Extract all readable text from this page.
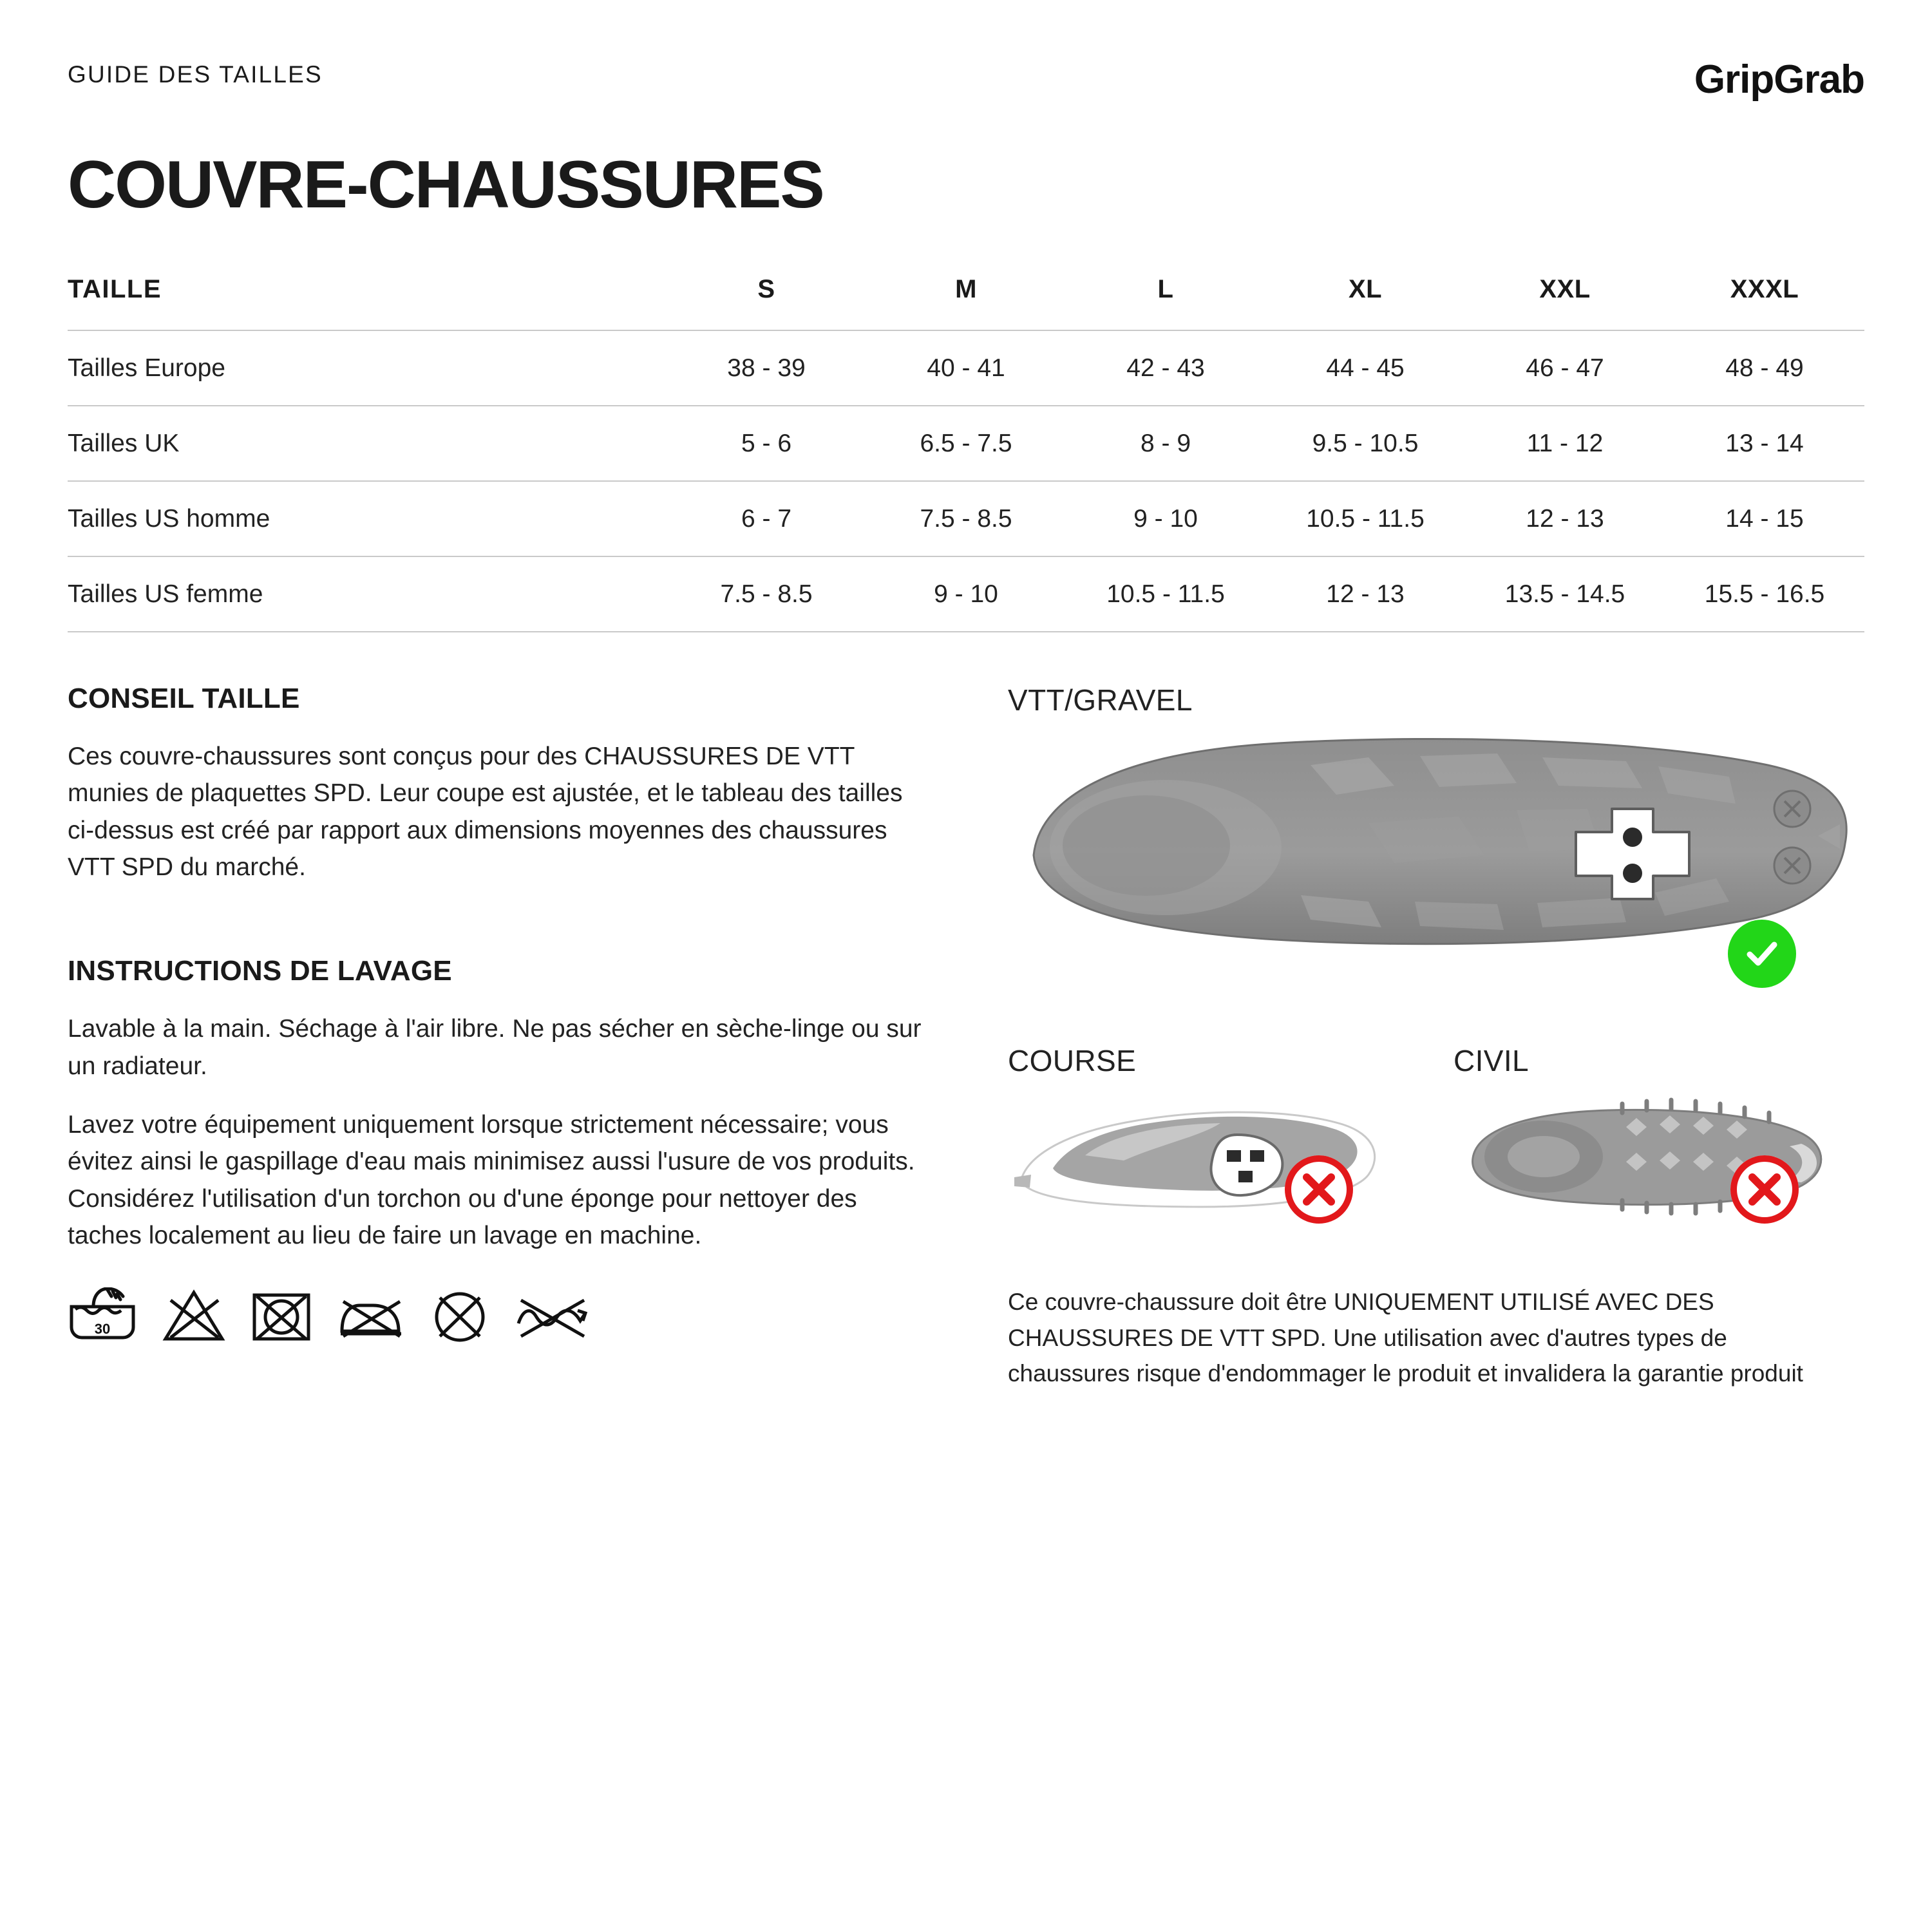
GUIDE DES TAILLES	GripGrab
COUVRE-CHAUSSURES
TAILLE	S	M	L	XL	XXL	XXXL
Tailles Europe	38 - 39	40 - 41	42 - 43	44 - 45	46 - 47	48 - 49
Tailles UK	5 - 6	6.5 - 7.5	8 - 9	9.5 - 10.5	11 - 12	13 - 14
Tailles US homme	6 - 7	7.5 - 8.5	9 - 10	10.5 - 11.5	12 - 13	14 - 15
Tailles US femme	7.5 - 8.5	9 - 10	10.5 - 11.5	12 - 13	13.5 - 14.5	15.5 - 16.5
CONSEIL TAILLE

Ces couvre-chaussures sont conçus pour des CHAUSSURES DE VTT munies de plaquettes SPD. Leur coupe est ajustée, et le tableau des tailles ci-dessus est créé par rapport aux dimensions moyennes des chaussures VTT SPD du marché.

INSTRUCTIONS DE LAVAGE

Lavable à la main. Séchage à l'air libre. Ne pas sécher en sèche-linge ou sur un radiateur.

Lavez votre équipement uniquement lorsque strictement nécessaire; vous évitez ainsi le gaspillage d'eau mais minimisez aussi l'usure de vos produits. Considérez l'utilisation d'un torchon ou d'une éponge pour nettoyer des taches localement au lieu de faire un lavage en machine.

30
VTT/GRAVEL
COURSE	CIVIL

Ce couvre-chaussure doit être UNIQUEMENT UTILISÉ AVEC DES CHAUSSURES DE VTT SPD. Une utilisation avec d'autres types de chaussures risque d'endommager le produit et invalidera la garantie produit
